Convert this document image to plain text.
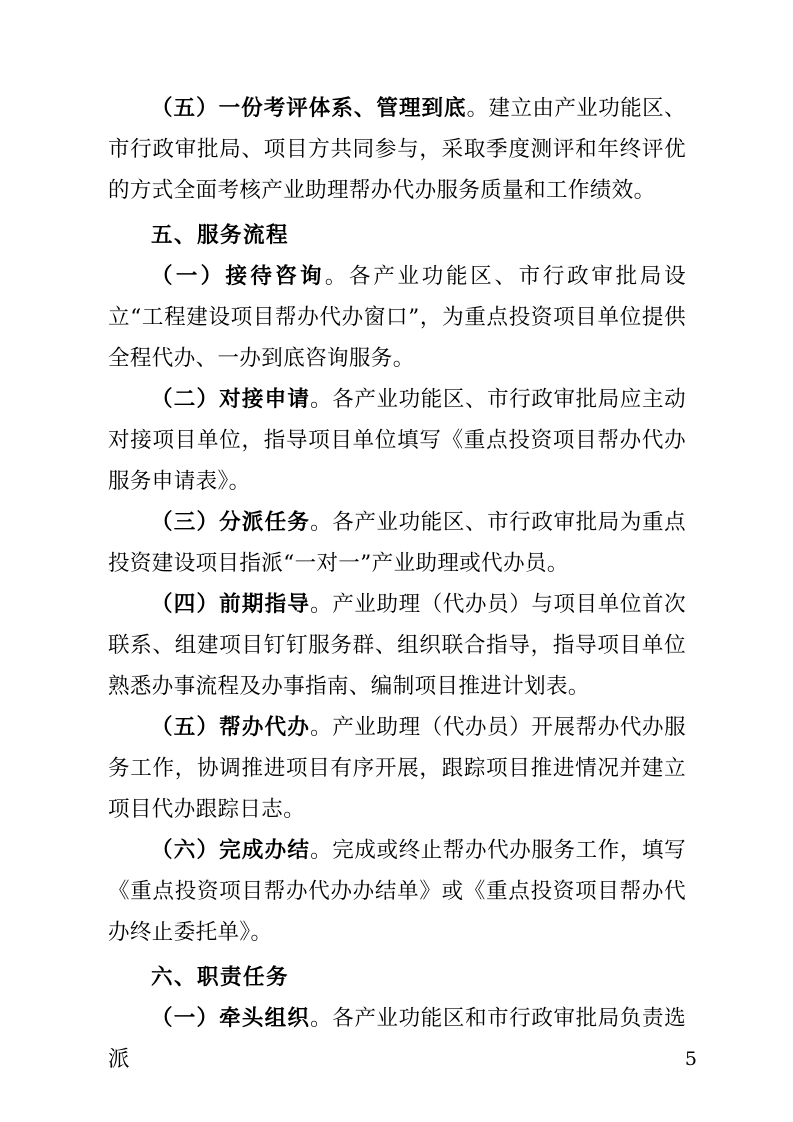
（五）一份考评体系、管理到底。建立由产业功能区、市行政审批局、项目方共同参与，采取季度测评和年终评优的方式全面考核产业助理帮办代办服务质量和工作绩效。

五、服务流程

（一）接待咨询。各产业功能区、市行政审批局设立“工程建设项目帮办代办窗口”，为重点投资项目单位提供全程代办、一办到底咨询服务。

（二）对接申请。各产业功能区、市行政审批局应主动对接项目单位，指导项目单位填写《重点投资项目帮办代办服务申请表》。

（三）分派任务。各产业功能区、市行政审批局为重点投资建设项目指派“一对一”产业助理或代办员。

（四）前期指导。产业助理（代办员）与项目单位首次联系、组建项目钉钉服务群、组织联合指导，指导项目单位熟悉办事流程及办事指南、编制项目推进计划表。

（五）帮办代办。产业助理（代办员）开展帮办代办服务工作，协调推进项目有序开展，跟踪项目推进情况并建立项目代办跟踪日志。

（六）完成办结。完成或终止帮办代办服务工作，填写《重点投资项目帮办代办办结单》或《重点投资项目帮办代办终止委托单》。

六、职责任务

（一）牵头组织。各产业功能区和市行政审批局负责选派	5
